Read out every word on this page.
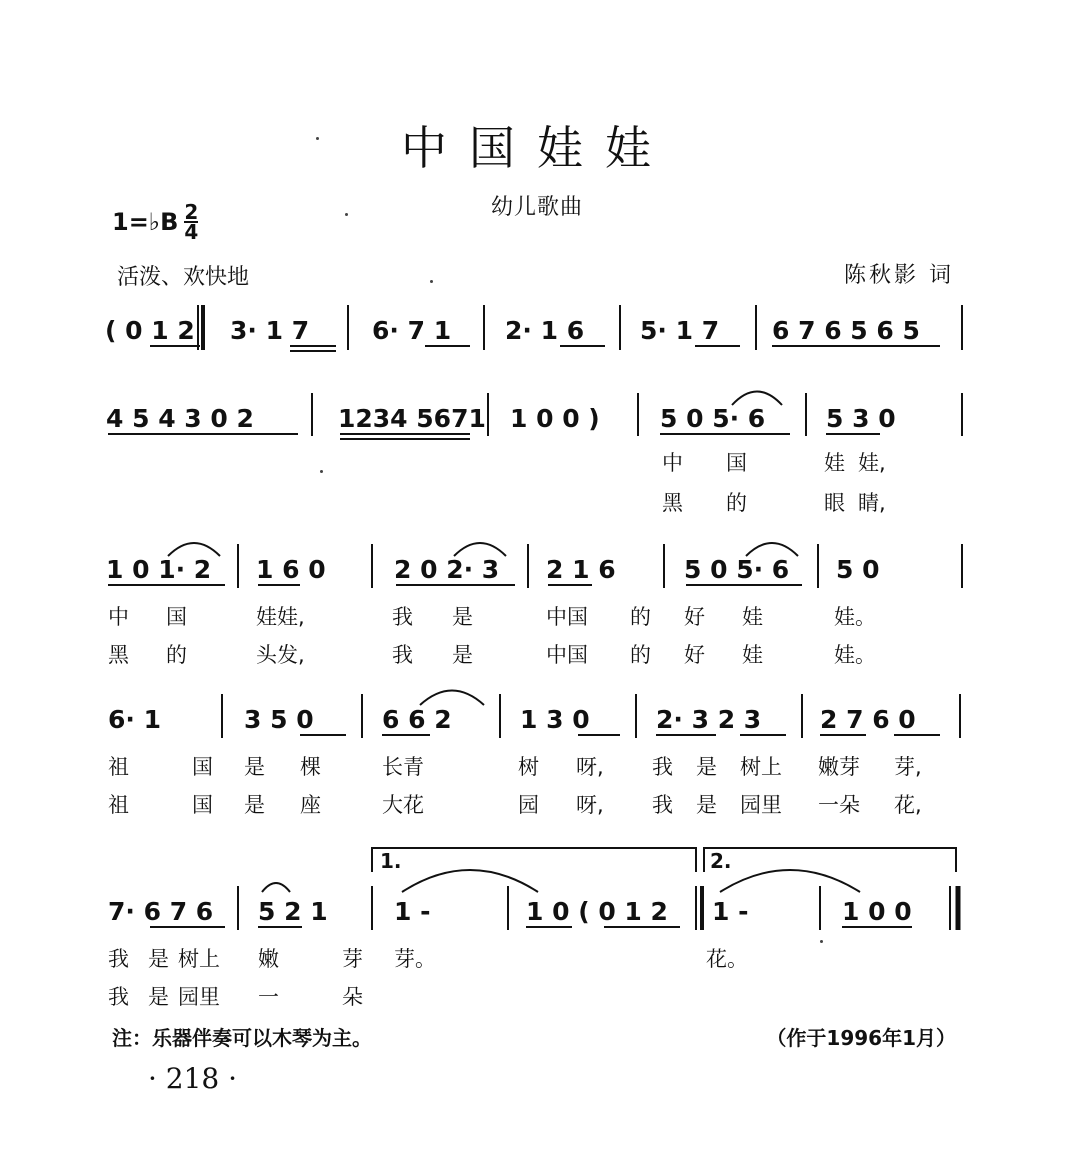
中国娃娃
幼儿歌曲
1=♭B $\frac{2}{4}$
活泼、欢快地	陈秋影 词
( 0 1 2 3· 1 7	6· 7 1 2· 1 6 5· 1 7 6 7 6 5 6 5
4 5 4 3 0 2	1234 5671 1 0 0 ) 5 0 5· 6 5 3 0
中 国	娃 娃,
黑 的	眼 睛,
1 0 1· 2 1 6 0	2 0 2· 3 2 1 6	5 0 5· 6 5 0
中 国	娃娃,	我 是	中国 的 好 娃	娃。
黑 的	头发,	我 是	中国 的 好 娃	娃。
6· 1	3 5 0	6 6 2	1 3 0	2· 3 2 3 2 7 6 0
祖	国 是 棵	长青	树 呀, 我 是 树上 嫩芽 芽,
祖	国 是 座	大花	园 呀, 我 是 园里 一朵 花,
1.	2.
7· 6 7 6 5 2 1	1 -	1 0 ( 0 1 2 1 -	1 0 0
我 是 树上 嫩	芽 芽。	花。
我 是 园里 一	朵
注：乐器伴奏可以木琴为主。	（作于1996年1月）
· 218 ·
